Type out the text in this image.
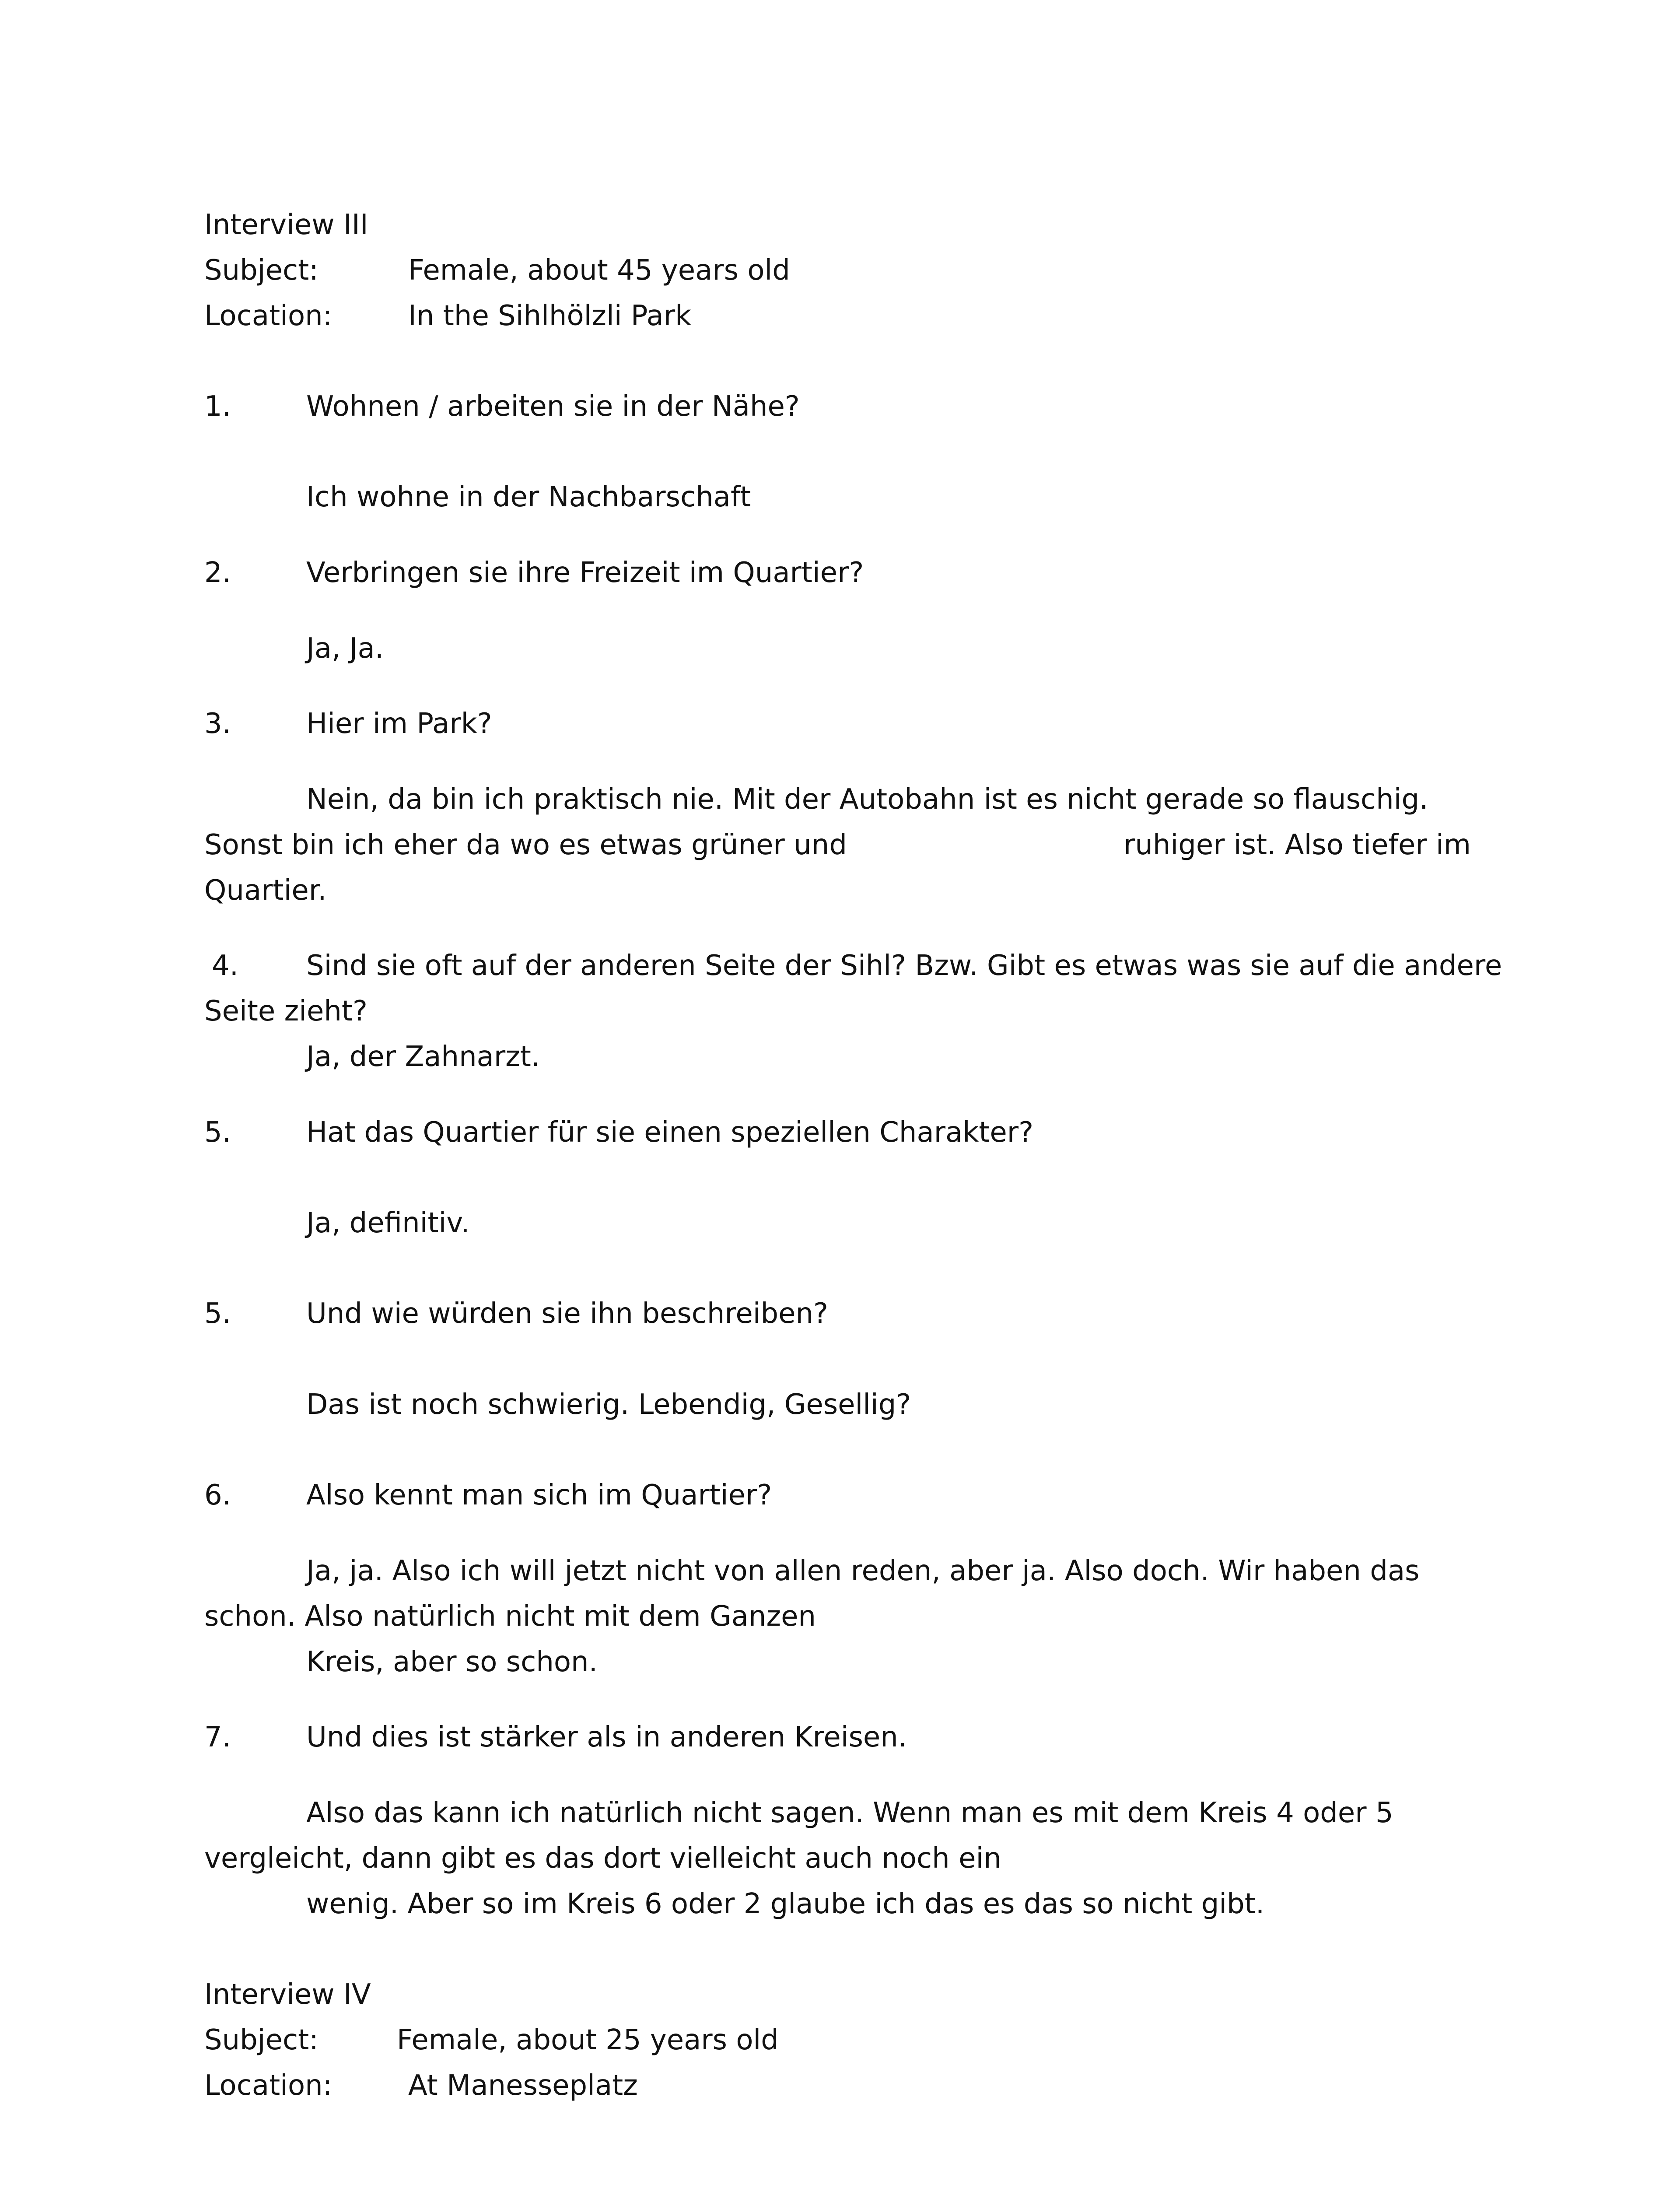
Interview III
Subject:	Female, about 45 years old
Location:	In the Sihlhölzli Park
1.	Wohnen / arbeiten sie in der Nähe?
Ich wohne in der Nachbarschaft
2.	Verbringen sie ihre Freizeit im Quartier?
Ja, Ja.
3.	Hier im Park?
Nein, da bin ich praktisch nie. Mit der Autobahn ist es nicht gerade so flauschig.
Sonst bin ich eher da wo es etwas grüner und	ruhiger ist. Also tiefer im
Quartier.
4. Sind sie oft auf der anderen Seite der Sihl? Bzw. Gibt es etwas was sie auf die andere
Seite zieht?
Ja, der Zahnarzt.
5.	Hat das Quartier für sie einen speziellen Charakter?
Ja, definitiv.
5.	Und wie würden sie ihn beschreiben?
Das ist noch schwierig. Lebendig, Gesellig?
6.	Also kennt man sich im Quartier?
Ja, ja. Also ich will jetzt nicht von allen reden, aber ja. Also doch. Wir haben das
schon. Also natürlich nicht mit dem Ganzen
Kreis, aber so schon.
7.	Und dies ist stärker als in anderen Kreisen.
Also das kann ich natürlich nicht sagen. Wenn man es mit dem Kreis 4 oder 5
vergleicht, dann gibt es das dort vielleicht auch noch ein
wenig. Aber so im Kreis 6 oder 2 glaube ich das es das so nicht gibt.
Interview IV
Subject:	Female, about 25 years old
Location:	At Manesseplatz
